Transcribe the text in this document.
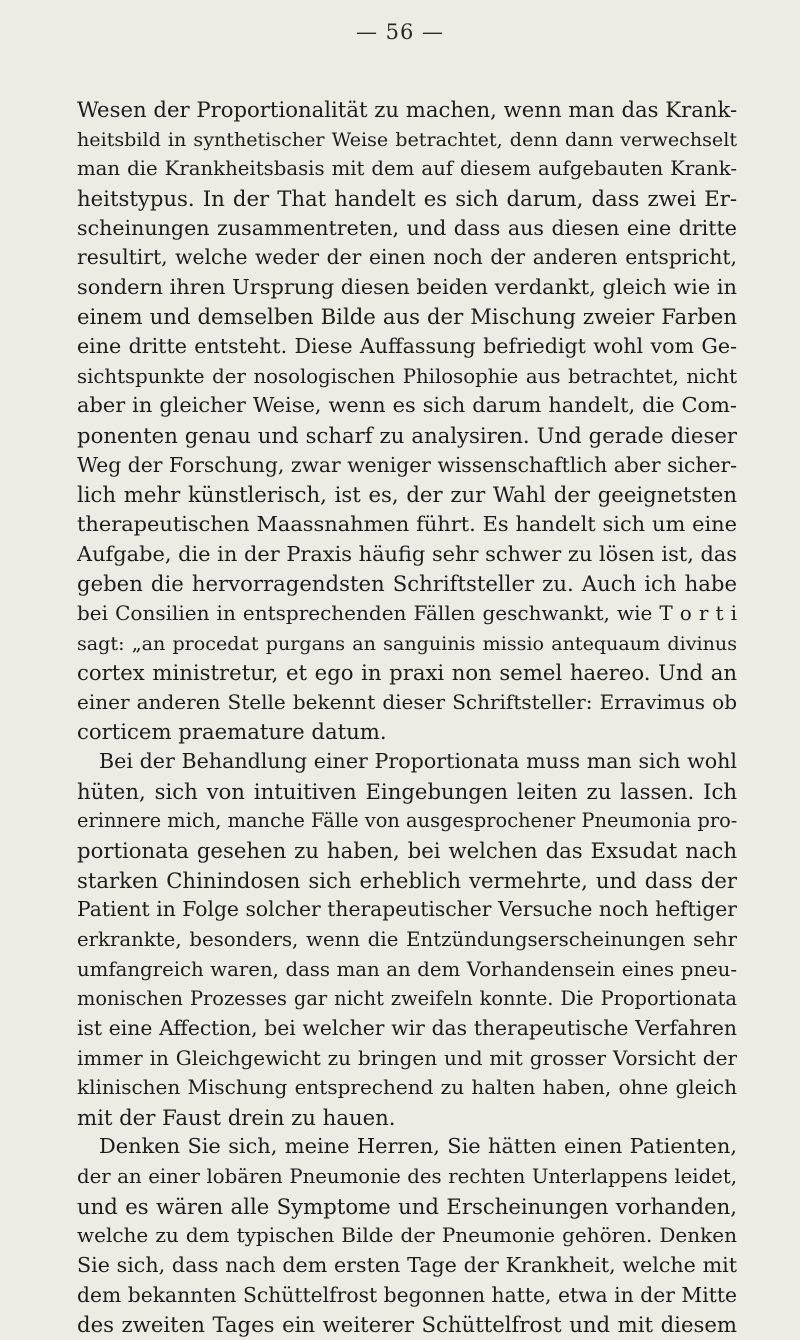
— 56 —
Wesen der Proportionalität zu machen, wenn man das Krank-
heitsbild in synthetischer Weise betrachtet, denn dann verwechselt
man die Krankheitsbasis mit dem auf diesem aufgebauten Krank-
heitstypus. In der That handelt es sich darum, dass zwei Er-
scheinungen zusammentreten, und dass aus diesen eine dritte
resultirt, welche weder der einen noch der anderen entspricht,
sondern ihren Ursprung diesen beiden verdankt, gleich wie in
einem und demselben Bilde aus der Mischung zweier Farben
eine dritte entsteht. Diese Auffassung befriedigt wohl vom Ge-
sichtspunkte der nosologischen Philosophie aus betrachtet, nicht
aber in gleicher Weise, wenn es sich darum handelt, die Com-
ponenten genau und scharf zu analysiren. Und gerade dieser
Weg der Forschung, zwar weniger wissenschaftlich aber sicher-
lich mehr künstlerisch, ist es, der zur Wahl der geeignetsten
therapeutischen Maassnahmen führt. Es handelt sich um eine
Aufgabe, die in der Praxis häufig sehr schwer zu lösen ist, das
geben die hervorragendsten Schriftsteller zu. Auch ich habe
bei Consilien in entsprechenden Fällen geschwankt, wie T o r t i
sagt: „an procedat purgans an sanguinis missio antequaum divinus
cortex ministretur, et ego in praxi non semel haereo. Und an
einer anderen Stelle bekennt dieser Schriftsteller: Erravimus ob
corticem praemature datum.
Bei der Behandlung einer Proportionata muss man sich wohl
hüten, sich von intuitiven Eingebungen leiten zu lassen. Ich
erinnere mich, manche Fälle von ausgesprochener Pneumonia pro-
portionata gesehen zu haben, bei welchen das Exsudat nach
starken Chinindosen sich erheblich vermehrte, und dass der
Patient in Folge solcher therapeutischer Versuche noch heftiger
erkrankte, besonders, wenn die Entzündungserscheinungen sehr
umfangreich waren, dass man an dem Vorhandensein eines pneu-
monischen Prozesses gar nicht zweifeln konnte. Die Proportionata
ist eine Affection, bei welcher wir das therapeutische Verfahren
immer in Gleichgewicht zu bringen und mit grosser Vorsicht der
klinischen Mischung entsprechend zu halten haben, ohne gleich
mit der Faust drein zu hauen.
Denken Sie sich, meine Herren, Sie hätten einen Patienten,
der an einer lobären Pneumonie des rechten Unterlappens leidet,
und es wären alle Symptome und Erscheinungen vorhanden,
welche zu dem typischen Bilde der Pneumonie gehören. Denken
Sie sich, dass nach dem ersten Tage der Krankheit, welche mit
dem bekannten Schüttelfrost begonnen hatte, etwa in der Mitte
des zweiten Tages ein weiterer Schüttelfrost und mit diesem
